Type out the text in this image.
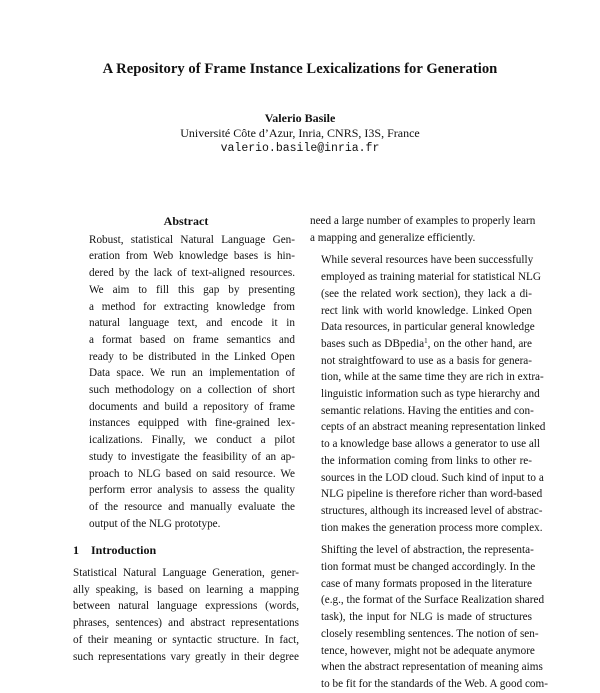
A Repository of Frame Instance Lexicalizations for Generation
Valerio Basile
Université Côte d’Azur, Inria, CNRS, I3S, France
valerio.basile@inria.fr
Abstract
Robust, statistical Natural Language Gen-
eration from Web knowledge bases is hin-
dered by the lack of text-aligned resources.
We aim to fill this gap by presenting
a method for extracting knowledge from
natural language text, and encode it in
a format based on frame semantics and
ready to be distributed in the Linked Open
Data space. We run an implementation of
such methodology on a collection of short
documents and build a repository of frame
instances equipped with fine-grained lex-
icalizations. Finally, we conduct a pilot
study to investigate the feasibility of an ap-
proach to NLG based on said resource. We
perform error analysis to assess the quality
of the resource and manually evaluate the
output of the NLG prototype.
1 Introduction
Statistical Natural Language Generation, gener-
ally speaking, is based on learning a mapping
between natural language expressions (words,
phrases, sentences) and abstract representations
of their meaning or syntactic structure. In fact,
such representations vary greatly in their degree
need a large number of examples to properly learn
a mapping and generalize efficiently.
While several resources have been successfully
employed as training material for statistical NLG
(see the related work section), they lack a di-
rect link with world knowledge. Linked Open
Data resources, in particular general knowledge
bases such as DBpedia$^1$, on the other hand, are
not straightfoward to use as a basis for genera-
tion, while at the same time they are rich in extra-
linguistic information such as type hierarchy and
semantic relations. Having the entities and con-
cepts of an abstract meaning representation linked
to a knowledge base allows a generator to use all
the information coming from links to other re-
sources in the LOD cloud. Such kind of input to a
NLG pipeline is therefore richer than word-based
structures, although its increased level of abstrac-
tion makes the generation process more complex.
Shifting the level of abstraction, the representa-
tion format must be changed accordingly. In the
case of many formats proposed in the literature
(e.g., the format of the Surface Realization shared
task), the input for NLG is made of structures
closely resembling sentences. The notion of sen-
tence, however, might not be adequate anymore
when the abstract representation of meaning aims
to be fit for the standards of the Web. A good com-
